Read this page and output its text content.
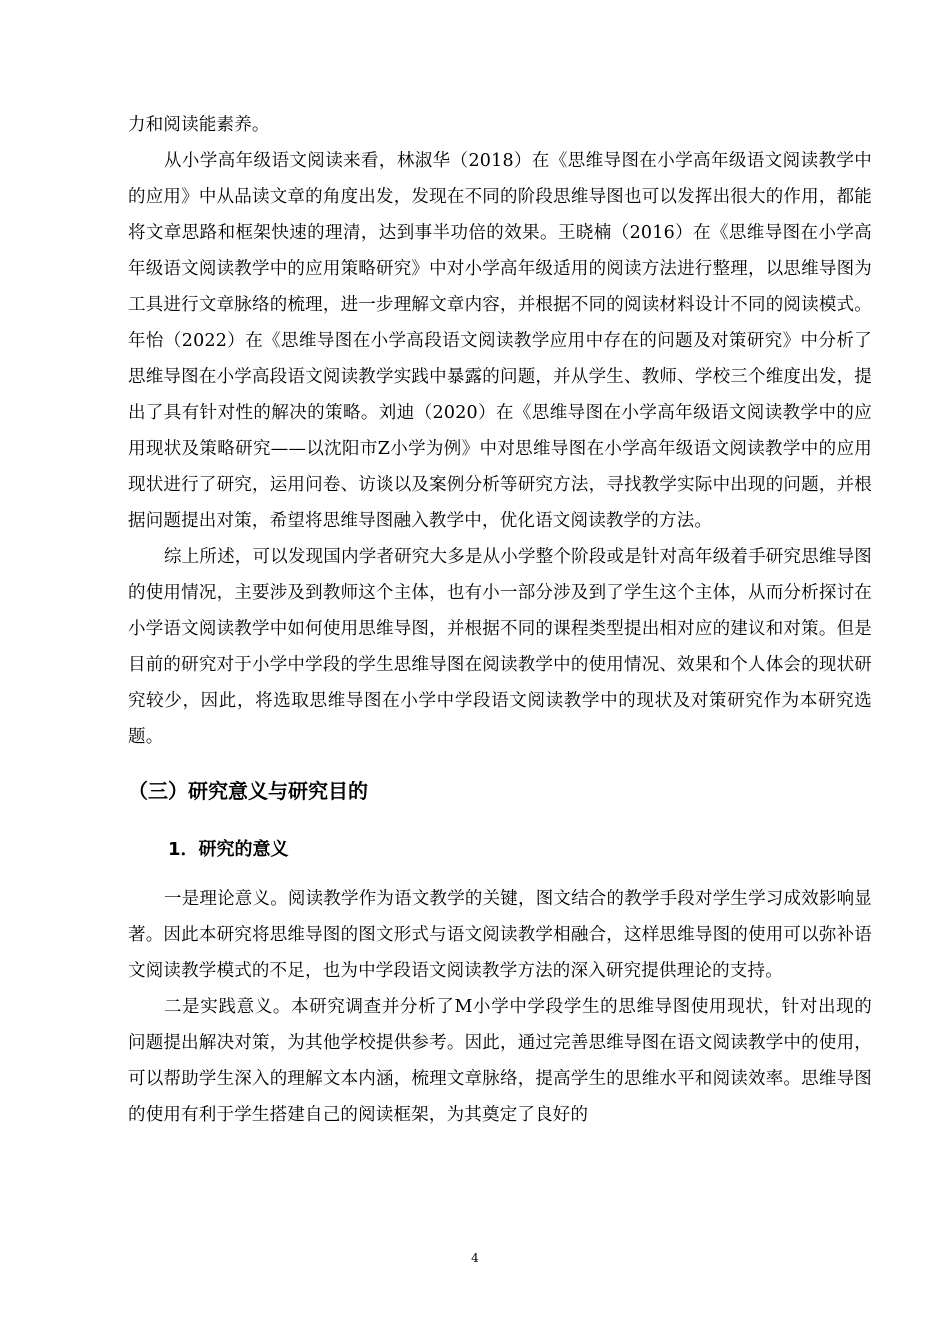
力和阅读能素养。

从小学高年级语文阅读来看，林淑华（2018）在《思维导图在小学高年级语文阅读教学中的应用》中从品读文章的角度出发，发现在不同的阶段思维导图也可以发挥出很大的作用，都能将文章思路和框架快速的理清，达到事半功倍的效果。王晓楠（2016）在《思维导图在小学高年级语文阅读教学中的应用策略研究》中对小学高年级适用的阅读方法进行整理，以思维导图为工具进行文章脉络的梳理，进一步理解文章内容，并根据不同的阅读材料设计不同的阅读模式。年怡（2022）在《思维导图在小学高段语文阅读教学应用中存在的问题及对策研究》中分析了思维导图在小学高段语文阅读教学实践中暴露的问题，并从学生、教师、学校三个维度出发，提出了具有针对性的解决的策略。刘迪（2020）在《思维导图在小学高年级语文阅读教学中的应用现状及策略研究——以沈阳市Z小学为例》中对思维导图在小学高年级语文阅读教学中的应用现状进行了研究，运用问卷、访谈以及案例分析等研究方法，寻找教学实际中出现的问题，并根据问题提出对策，希望将思维导图融入教学中，优化语文阅读教学的方法。

综上所述，可以发现国内学者研究大多是从小学整个阶段或是针对高年级着手研究思维导图的使用情况，主要涉及到教师这个主体，也有小一部分涉及到了学生这个主体，从而分析探讨在小学语文阅读教学中如何使用思维导图，并根据不同的课程类型提出相对应的建议和对策。但是目前的研究对于小学中学段的学生思维导图在阅读教学中的使用情况、效果和个人体会的现状研究较少，因此，将选取思维导图在小学中学段语文阅读教学中的现状及对策研究作为本研究选题。

（三）研究意义与研究目的
1．研究的意义

一是理论意义。阅读教学作为语文教学的关键，图文结合的教学手段对学生学习成效影响显著。因此本研究将思维导图的图文形式与语文阅读教学相融合，这样思维导图的使用可以弥补语文阅读教学模式的不足，也为中学段语文阅读教学方法的深入研究提供理论的支持。

二是实践意义。本研究调查并分析了M小学中学段学生的思维导图使用现状，针对出现的问题提出解决对策，为其他学校提供参考。因此，通过完善思维导图在语文阅读教学中的使用，可以帮助学生深入的理解文本内涵，梳理文章脉络，提高学生的思维水平和阅读效率。思维导图的使用有利于学生搭建自己的阅读框架，为其奠定了良好的

4
